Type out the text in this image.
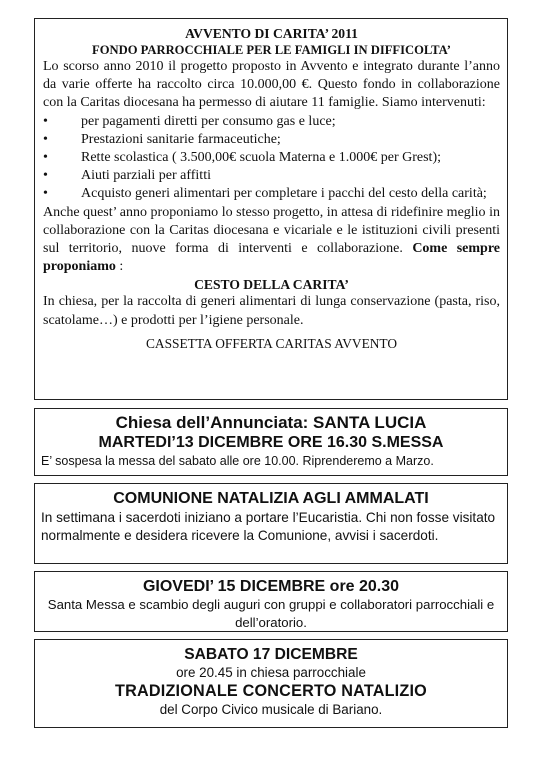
AVVENTO DI CARITA’ 2011
FONDO PARROCCHIALE PER LE FAMIGLI IN DIFFICOLTA’
Lo scorso anno 2010 il progetto proposto in Avvento e integrato durante l’anno da varie offerte ha raccolto circa 10.000,00 €. Questo fondo in collaborazione con la Caritas diocesana ha permesso di aiutare 11 famiglie. Siamo intervenuti:
• per pagamenti diretti per consumo gas e luce;
• Prestazioni sanitarie farmaceutiche;
• Rette scolastica ( 3.500,00€ scuola Materna e 1.000€ per Grest);
• Aiuti parziali per affitti
• Acquisto generi alimentari per completare i pacchi del cesto della carità;
Anche quest’ anno proponiamo lo stesso progetto, in attesa di ridefinire meglio in collaborazione con la Caritas diocesana e vicariale e le istituzioni civili presenti sul territorio, nuove forma di interventi e collaborazione. Come sempre proponiamo :
CESTO DELLA CARITA’
In chiesa, per la raccolta di generi alimentari di lunga conservazione (pasta, riso, scatolame…) e prodotti per l’igiene personale.
CASSETTA OFFERTA CARITAS AVVENTO
Chiesa dell’Annunciata: SANTA LUCIA
MARTEDI’13 DICEMBRE ORE 16.30 S.MESSA
E’ sospesa la messa del sabato alle ore 10.00. Riprenderemo a Marzo.
COMUNIONE NATALIZIA AGLI AMMALATI
In settimana i sacerdoti iniziano a portare l’Eucaristia. Chi non fosse visitato normalmente e desidera ricevere la Comunione, avvisi i sacerdoti.
GIOVEDI’ 15 DICEMBRE ore 20.30
Santa Messa e scambio degli auguri con gruppi e collaboratori parrocchiali e dell’oratorio.
SABATO 17 DICEMBRE
ore 20.45 in chiesa parrocchiale
TRADIZIONALE CONCERTO NATALIZIO
del Corpo Civico musicale di Bariano.
